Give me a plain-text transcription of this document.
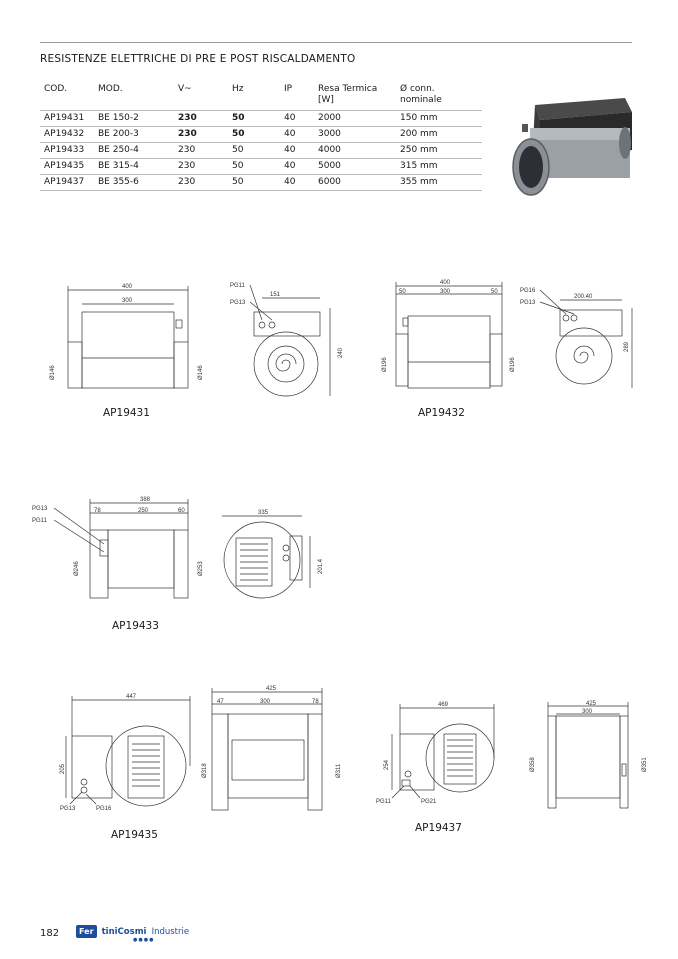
RESISTENZE ELETTRICHE DI PRE E POST RISCALDAMENTO
COD.	MOD.	V~	Hz	IP	Resa Termica
[W]	Ø conn.
nominale
AP19431	BE 150-2	230	50	40	2000	150 mm
AP19432	BE 200-3	230	50	40	3000	200 mm
AP19433	BE 250-4	230	50	40	4000	250 mm
AP19435	BE 315-4	230	50	40	5000	315 mm
AP19437	BE 355-6	230	50	40	6000	355 mm
400
300
Ø146	Ø146
151
240
PG11
PG13
400
50	300	50
Ø196	Ø196
200.40
289
PG16
PG13
388
78	250	60
Ø246	Ø253
PG13
PG11
335
201.4
447
205
PG13	PG16
425
47	300	78
Ø318	Ø311
469
254
PG11	PG21
425
300
Ø358	Ø351
AP19431	AP19432
AP19433
AP19435
AP19437
182	Fer tiniCosmi Industrie
●●●●
